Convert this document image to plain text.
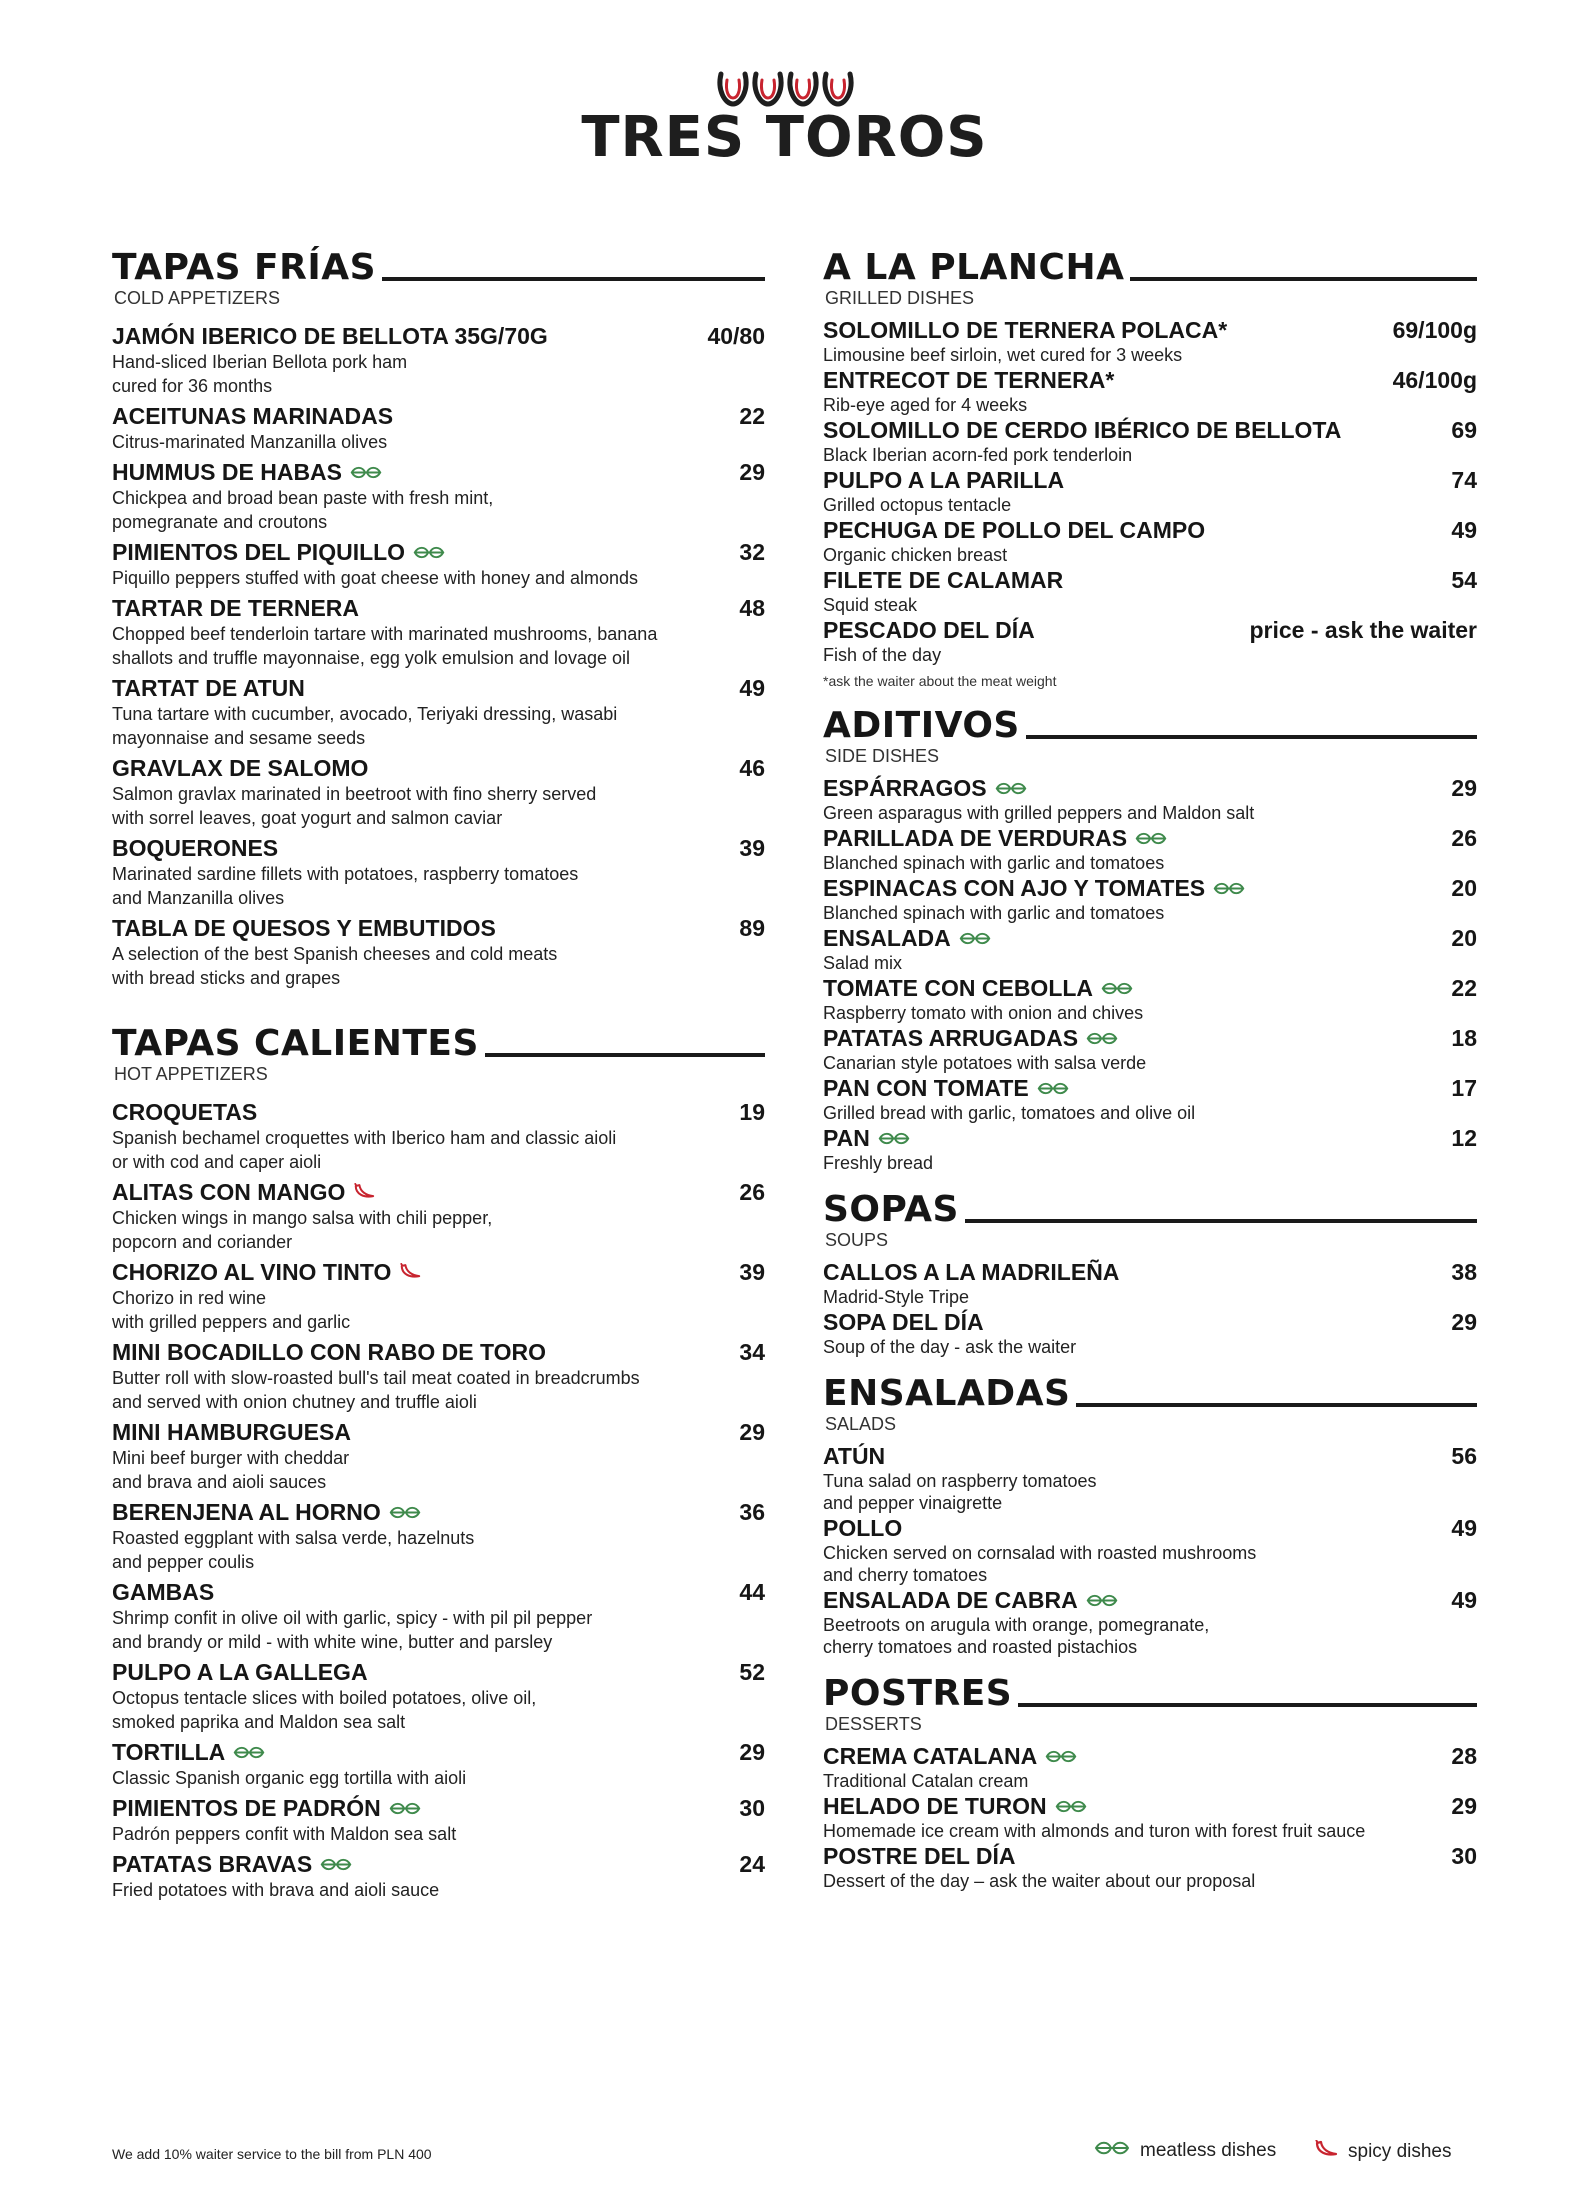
TRES TOROS
TAPAS FRÍAS
COLD APPETIZERS
JAMÓN IBERICO DE BELLOTA 35G/70G	40/80
Hand-sliced Iberian Bellota pork ham
cured for 36 months
ACEITUNAS MARINADAS	22
Citrus-marinated Manzanilla olives
HUMMUS DE HABAS	29
Chickpea and broad bean paste with fresh mint,
pomegranate and croutons
PIMIENTOS DEL PIQUILLO	32
Piquillo peppers stuffed with goat cheese with honey and almonds
TARTAR DE TERNERA	48
Chopped beef tenderloin tartare with marinated mushrooms, banana
shallots and truffle mayonnaise, egg yolk emulsion and lovage oil
TARTAT DE ATUN	49
Tuna tartare with cucumber, avocado, Teriyaki dressing, wasabi
mayonnaise and sesame seeds
GRAVLAX DE SALOMO	46
Salmon gravlax marinated in beetroot with fino sherry served
with sorrel leaves, goat yogurt and salmon caviar
BOQUERONES	39
Marinated sardine fillets with potatoes, raspberry tomatoes
and Manzanilla olives
TABLA DE QUESOS Y EMBUTIDOS	89
A selection of the best Spanish cheeses and cold meats
with bread sticks and grapes
TAPAS CALIENTES
HOT APPETIZERS
CROQUETAS	19
Spanish bechamel croquettes with Iberico ham and classic aioli
or with cod and caper aioli
ALITAS CON MANGO	26
Chicken wings in mango salsa with chili pepper,
popcorn and coriander
CHORIZO AL VINO TINTO	39
Chorizo in red wine
with grilled peppers and garlic
MINI BOCADILLO CON RABO DE TORO	34
Butter roll with slow-roasted bull's tail meat coated in breadcrumbs
and served with onion chutney and truffle aioli
MINI HAMBURGUESA	29
Mini beef burger with cheddar
and brava and aioli sauces
BERENJENA AL HORNO	36
Roasted eggplant with salsa verde, hazelnuts
and pepper coulis
GAMBAS	44
Shrimp confit in olive oil with garlic, spicy - with pil pil pepper
and brandy or mild - with white wine, butter and parsley
PULPO A LA GALLEGA	52
Octopus tentacle slices with boiled potatoes, olive oil,
smoked paprika and Maldon sea salt
TORTILLA	29
Classic Spanish organic egg tortilla with aioli
PIMIENTOS DE PADRÓN	30
Padrón peppers confit with Maldon sea salt
PATATAS BRAVAS	24
Fried potatoes with brava and aioli sauce
A LA PLANCHA
GRILLED DISHES
SOLOMILLO DE TERNERA POLACA*	69/100g
Limousine beef sirloin, wet cured for 3 weeks
ENTRECOT DE TERNERA*	46/100g
Rib-eye aged for 4 weeks
SOLOMILLO DE CERDO IBÉRICO DE BELLOTA	69
Black Iberian acorn-fed pork tenderloin
PULPO A LA PARILLA	74
Grilled octopus tentacle
PECHUGA DE POLLO DEL CAMPO	49
Organic chicken breast
FILETE DE CALAMAR	54
Squid steak
PESCADO DEL DÍA	price - ask the waiter
Fish of the day
*ask the waiter about the meat weight
ADITIVOS
SIDE DISHES
ESPÁRRAGOS	29
Green asparagus with grilled peppers and Maldon salt
PARILLADA DE VERDURAS	26
Blanched spinach with garlic and tomatoes
ESPINACAS CON AJO Y TOMATES	20
Blanched spinach with garlic and tomatoes
ENSALADA	20
Salad mix
TOMATE CON CEBOLLA	22
Raspberry tomato with onion and chives
PATATAS ARRUGADAS	18
Canarian style potatoes with salsa verde
PAN CON TOMATE	17
Grilled bread with garlic, tomatoes and olive oil
PAN	12
Freshly bread
SOPAS
SOUPS
CALLOS A LA MADRILEÑA	38
Madrid-Style Tripe
SOPA DEL DÍA	29
Soup of the day - ask the waiter
ENSALADAS
SALADS
ATÚN	56
Tuna salad on raspberry tomatoes
and pepper vinaigrette
POLLO	49
Chicken served on cornsalad with roasted mushrooms
and cherry tomatoes
ENSALADA DE CABRA	49
Beetroots on arugula with orange, pomegranate,
cherry tomatoes and roasted pistachios
POSTRES
DESSERTS
CREMA CATALANA	28
Traditional Catalan cream
HELADO DE TURON	29
Homemade ice cream with almonds and turon with forest fruit sauce
POSTRE DEL DÍA	30
Dessert of the day – ask the waiter about our proposal
We add 10% waiter service to the bill from PLN 400	meatless dishes	spicy dishes
